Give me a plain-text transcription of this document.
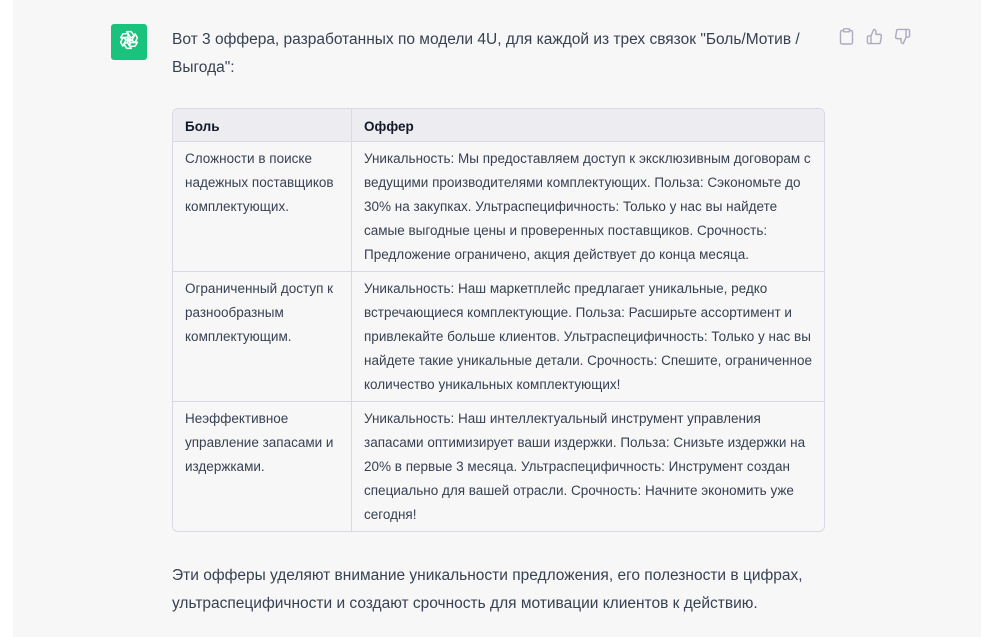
Вот 3 оффера, разработанных по модели 4U, для каждой из трех связок "Боль/Мотив /Выгода":

Боль	Оффер
Сложности в поиске надежных поставщиков комплектующих.	Уникальность: Мы предоставляем доступ к эксклюзивным договорам с ведущими производителями комплектующих. Польза: Сэкономьте до 30% на закупках. Ультраспецифичность: Только у нас вы найдете самые выгодные цены и проверенных поставщиков. Срочность: Предложение ограничено, акция действует до конца месяца.
Ограниченный доступ к разнообразным комплектующим.	Уникальность: Наш маркетплейс предлагает уникальные, редко встречающиеся комплектующие. Польза: Расширьте ассортимент и привлекайте больше клиентов. Ультраспецифичность: Только у нас вы найдете такие уникальные детали. Срочность: Спешите, ограниченное количество уникальных комплектующих!
Неэффективное управление запасами и издержками.	Уникальность: Наш интеллектуальный инструмент управления запасами оптимизирует ваши издержки. Польза: Снизьте издержки на 20% в первые 3 месяца. Ультраспецифичность: Инструмент создан специально для вашей отрасли. Срочность: Начните экономить уже сегодня!

Эти офферы уделяют внимание уникальности предложения, его полезности в цифрах, ультраспецифичности и создают срочность для мотивации клиентов к действию.
